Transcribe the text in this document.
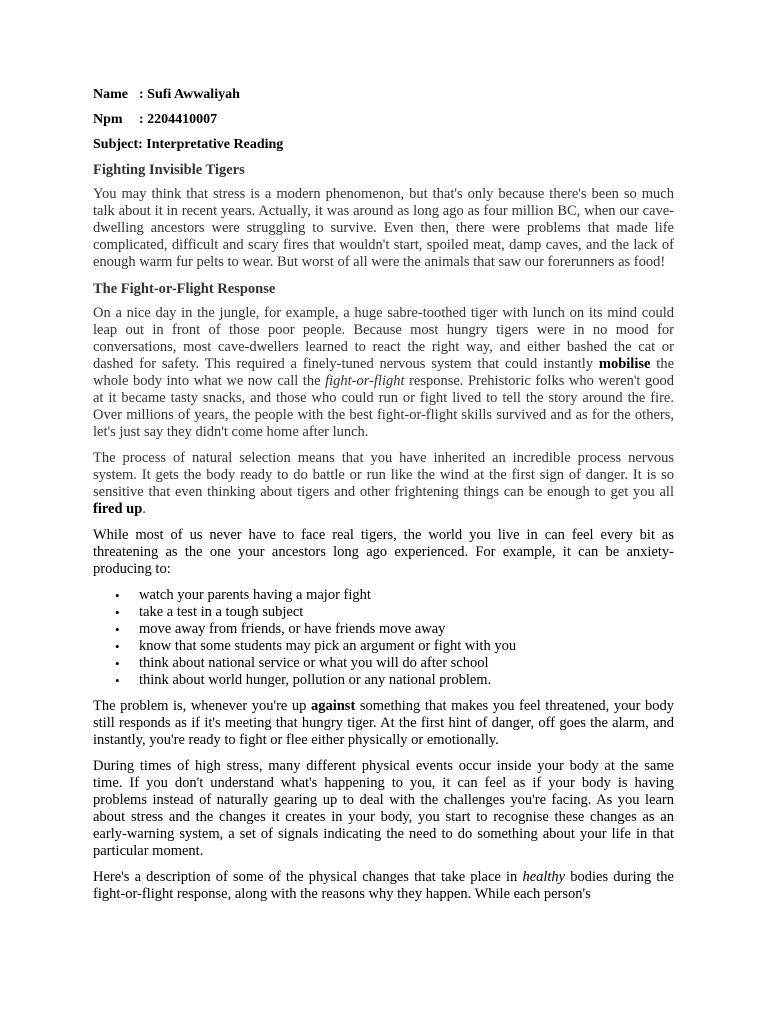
Name : Sufi Awwaliyah
Npm : 2204410007
Subject: Interpretative Reading
Fighting Invisible Tigers

You may think that stress is a modern phenomenon, but that's only because there's been so much talk about it in recent years. Actually, it was around as long ago as four million BC, when our cave-dwelling ancestors were struggling to survive. Even then, there were problems that made life complicated, difficult and scary fires that wouldn't start, spoiled meat, damp caves, and the lack of enough warm fur pelts to wear. But worst of all were the animals that saw our forerunners as food!

The Fight-or-Flight Response

On a nice day in the jungle, for example, a huge sabre-toothed tiger with lunch on its mind could leap out in front of those poor people. Because most hungry tigers were in no mood for conversations, most cave-dwellers learned to react the right way, and either bashed the cat or dashed for safety. This required a finely-tuned nervous system that could instantly mobilise the whole body into what we now call the fight-or-flight response. Prehistoric folks who weren't good at it became tasty snacks, and those who could run or fight lived to tell the story around the fire. Over millions of years, the people with the best fight-or-flight skills survived and as for the others, let's just say they didn't come home after lunch.

The process of natural selection means that you have inherited an incredible process nervous system. It gets the body ready to do battle or run like the wind at the first sign of danger. It is so sensitive that even thinking about tigers and other frightening things can be enough to get you all fired up.

While most of us never have to face real tigers, the world you live in can feel every bit as threatening as the one your ancestors long ago experienced. For example, it can be anxiety-producing to:

• watch your parents having a major fight
• take a test in a tough subject
• move away from friends, or have friends move away
• know that some students may pick an argument or fight with you
• think about national service or what you will do after school
• think about world hunger, pollution or any national problem.

The problem is, whenever you're up against something that makes you feel threatened, your body still responds as if it's meeting that hungry tiger. At the first hint of danger, off goes the alarm, and instantly, you're ready to fight or flee either physically or emotionally.

During times of high stress, many different physical events occur inside your body at the same time. If you don't understand what's happening to you, it can feel as if your body is having problems instead of naturally gearing up to deal with the challenges you're facing. As you learn about stress and the changes it creates in your body, you start to recognise these changes as an early-warning system, a set of signals indicating the need to do something about your life in that particular moment.

Here's a description of some of the physical changes that take place in healthy bodies during the fight-or-flight response, along with the reasons why they happen. While each person's
